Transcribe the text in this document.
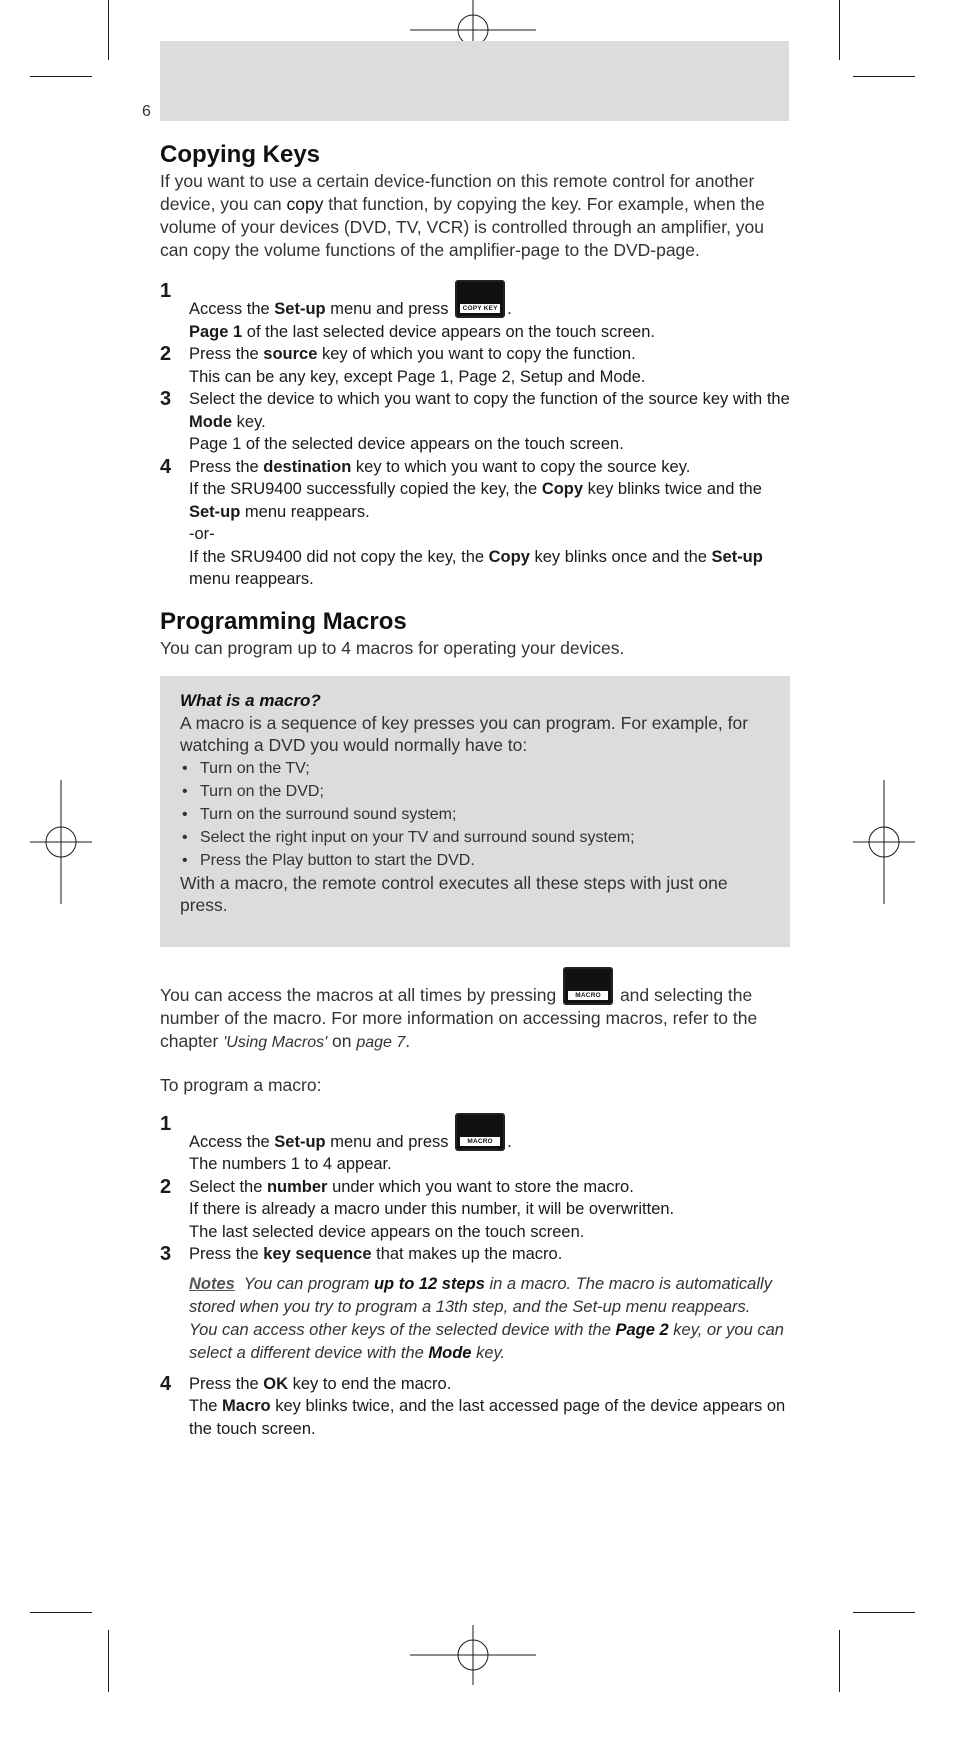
6
Copying Keys

If you want to use a certain device-function on this remote control for another device, you can copy that function, by copying the key. For example, when the volume of your devices (DVD, TV, VCR) is controlled through an amplifier, you can copy the volume functions of the amplifier-page to the DVD-page.

1

Access the Set-up menu and press	COPY KEY .

Page 1 of the last selected device appears on the touch screen.

2 Press the source key of which you want to copy the function.

This can be any key, except Page 1, Page 2, Setup and Mode.

3 Select the device to which you want to copy the function of the source key with the Mode key.

Page 1 of the selected device appears on the touch screen.

4 Press the destination key to which you want to copy the source key.

If the SRU9400 successfully copied the key, the Copy key blinks twice and the Set-up menu reappears.

-or-

If the SRU9400 did not copy the key, the Copy key blinks once and the Set-up menu reappears.

Programming Macros

You can program up to 4 macros for operating your devices.

What is a macro?

A macro is a sequence of key presses you can program. For example, for watching a DVD you would normally have to:

• Turn on the TV;
• Turn on the DVD;
• Turn on the surround sound system;
• Select the right input on your TV and surround sound system;
• Press the Play button to start the DVD.

With a macro, the remote control executes all these steps with just one press.

You can access the macros at all times by pressing	MACRO and selecting the number of the macro. For more information on accessing macros, refer to the chapter 'Using Macros' on page 7.

To program a macro:

1

Access the Set-up menu and press	MACRO .

The numbers 1 to 4 appear.

2 Select the number under which you want to store the macro.

If there is already a macro under this number, it will be overwritten.

The last selected device appears on the touch screen.

3 Press the key sequence that makes up the macro.

Notes You can program up to 12 steps in a macro. The macro is automatically stored when you try to program a 13th step, and the Set-up menu reappears.
You can access other keys of the selected device with the Page 2 key, or you can select a different device with the Mode key.
4 Press the OK key to end the macro.

The Macro key blinks twice, and the last accessed page of the device appears on the touch screen.
